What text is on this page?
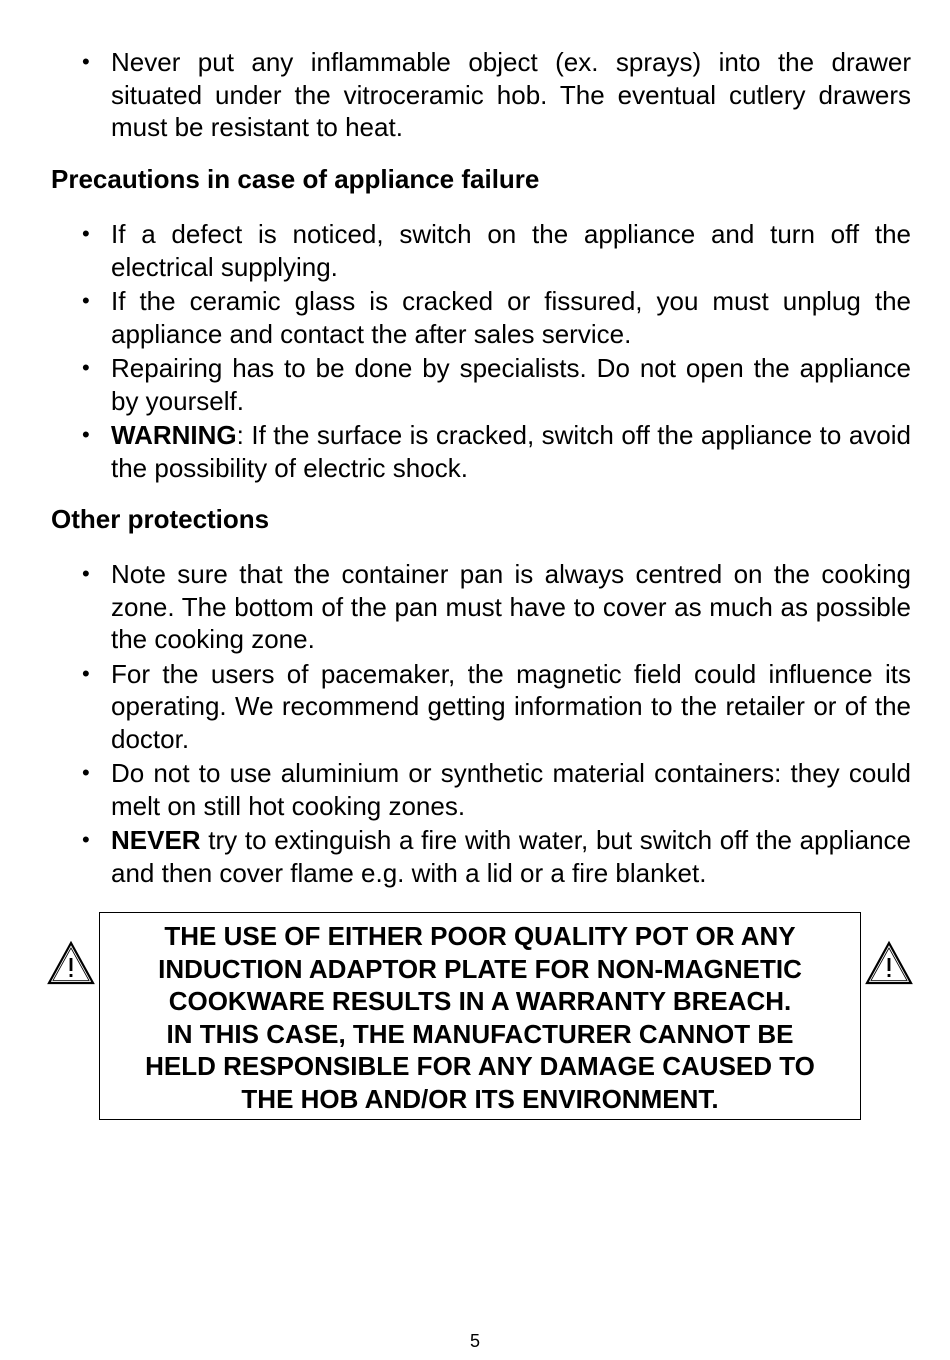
• Never put any inflammable object (ex. sprays) into the drawer situated under the vitroceramic hob. The eventual cutlery drawers must be resistant to heat.
Precautions in case of appliance failure
• If a defect is noticed, switch on the appliance and turn off the electrical supplying.
• If the ceramic glass is cracked or fissured, you must unplug the appliance and contact the after sales service.
• Repairing has to be done by specialists. Do not open the appliance by yourself.
• WARNING: If the surface is cracked, switch off the appliance to avoid the possibility of electric shock.
Other protections
• Note sure that the container pan is always centred on the cooking zone. The bottom of the pan must have to cover as much as possible the cooking zone.
• For the users of pacemaker, the magnetic field could influence its operating. We recommend getting information to the retailer or of the doctor.
• Do not to use aluminium or synthetic material containers: they could melt on still hot cooking zones.
• NEVER try to extinguish a fire with water, but switch off the appliance and then cover flame e.g. with a lid or a fire blanket.
THE USE OF EITHER POOR QUALITY POT OR ANY
INDUCTION ADAPTOR PLATE FOR NON-MAGNETIC
COOKWARE RESULTS IN A WARRANTY BREACH.
IN THIS CASE, THE MANUFACTURER CANNOT BE
HELD RESPONSIBLE FOR ANY DAMAGE CAUSED TO
THE HOB AND/OR ITS ENVIRONMENT.
5
